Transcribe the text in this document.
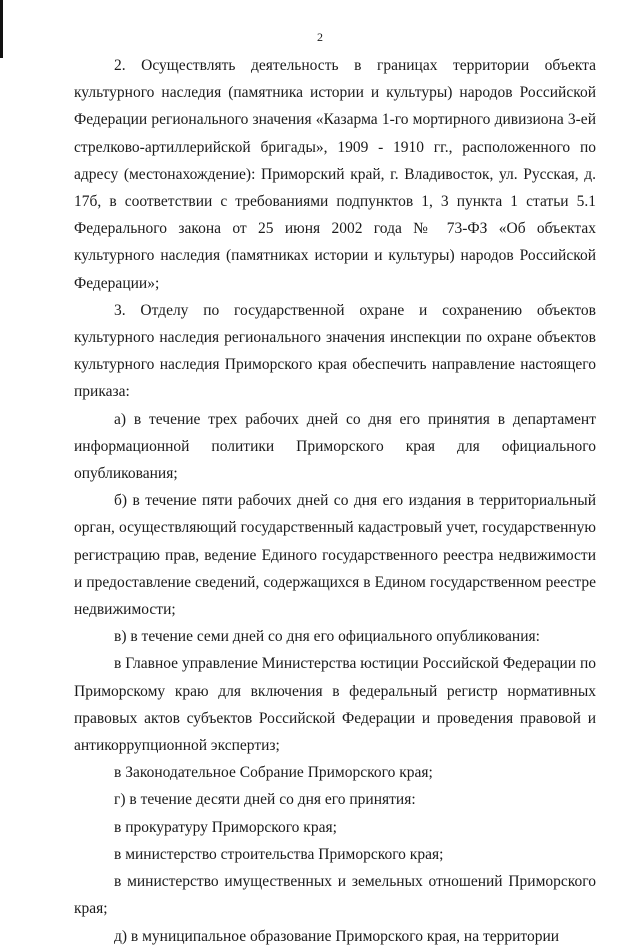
2

2. Осуществлять деятельность в границах территории объекта культурного наследия (памятника истории и культуры) народов Российской Федерации регионального значения «Казарма 1-го мортирного дивизиона 3-ей стрелково-артиллерийской бригады», 1909 - 1910 гг., расположенного по адресу (местонахождение): Приморский край, г. Владивосток, ул. Русская, д. 17б, в соответствии с требованиями подпунктов 1, 3 пункта 1 статьи 5.1 Федерального закона от 25 июня 2002 года № 73-ФЗ «Об объектах культурного наследия (памятниках истории и культуры) народов Российской Федерации»;

3. Отделу по государственной охране и сохранению объектов культурного наследия регионального значения инспекции по охране объектов культурного наследия Приморского края обеспечить направление настоящего приказа:

а) в течение трех рабочих дней со дня его принятия в департамент информационной политики Приморского края для официального опубликования;

б) в течение пяти рабочих дней со дня его издания в территориальный орган, осуществляющий государственный кадастровый учет, государственную регистрацию прав, ведение Единого государственного реестра недвижимости и предоставление сведений, содержащихся в Едином государственном реестре недвижимости;

в) в течение семи дней со дня его официального опубликования:

в Главное управление Министерства юстиции Российской Федерации по Приморскому краю для включения в федеральный регистр нормативных правовых актов субъектов Российской Федерации и проведения правовой и антикоррупционной экспертиз;

в Законодательное Собрание Приморского края;

г) в течение десяти дней со дня его принятия:

в прокуратуру Приморского края;

в министерство строительства Приморского края;

в министерство имущественных и земельных отношений Приморского края;

д) в муниципальное образование Приморского края, на территории
